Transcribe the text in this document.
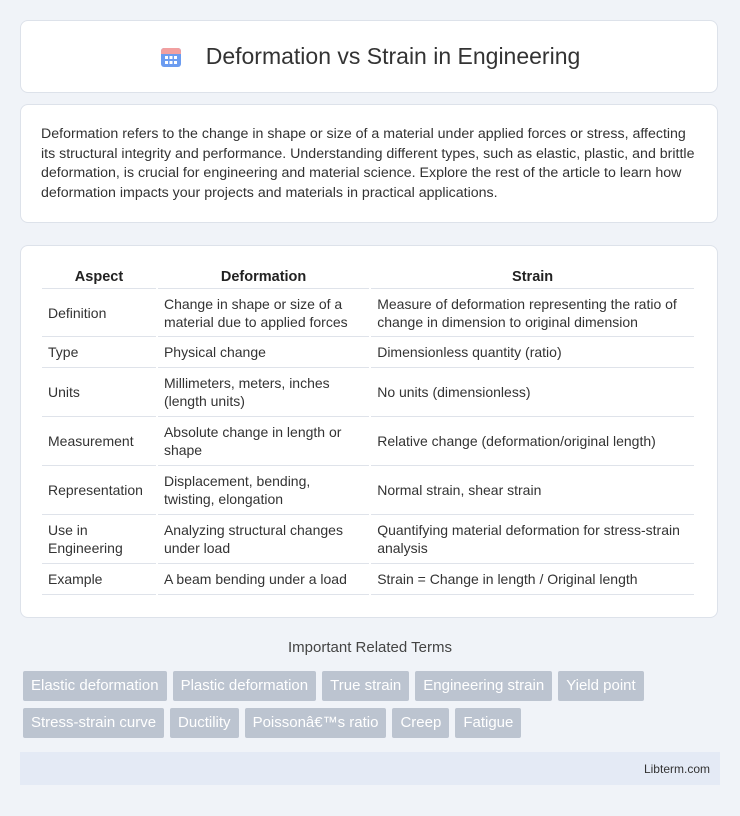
Deformation vs Strain in Engineering

Deformation refers to the change in shape or size of a material under applied forces or stress, affecting its structural integrity and performance. Understanding different types, such as elastic, plastic, and brittle deformation, is crucial for engineering and material science. Explore the rest of the article to learn how deformation impacts your projects and materials in practical applications.

Aspect	Deformation	Strain
Definition	Change in shape or size of a material due to applied forces	Measure of deformation representing the ratio of change in dimension to original dimension
Type	Physical change	Dimensionless quantity (ratio)
Units	Millimeters, meters, inches (length units)	No units (dimensionless)
Measurement	Absolute change in length or shape	Relative change (deformation/original length)
Representation	Displacement, bending, twisting, elongation	Normal strain, shear strain
Use in Engineering	Analyzing structural changes under load	Quantifying material deformation for stress-strain analysis
Example	A beam bending under a load	Strain = Change in length / Original length
Important Related Terms
Elastic deformation Plastic deformation True strain Engineering strain Yield point
Stress-strain curve Ductility Poissonâ€™s ratio Creep Fatigue
Libterm.com
